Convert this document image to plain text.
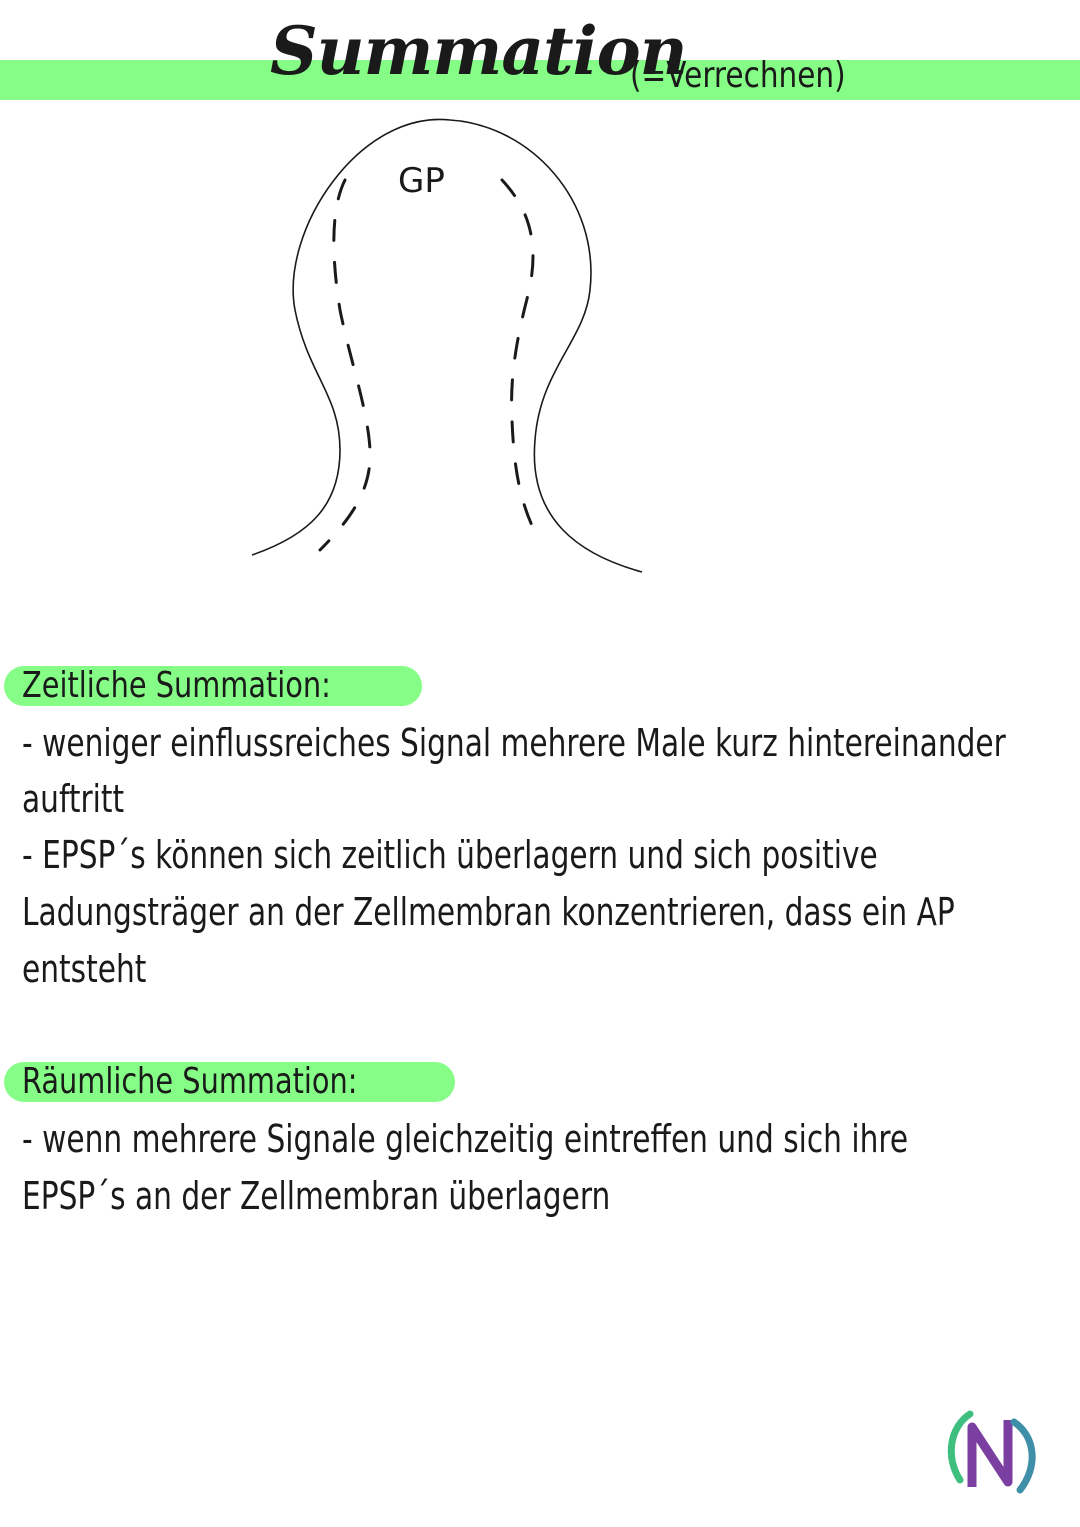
Summation
(=Verrechnen)
GP
Zeitliche Summation:
- weniger einflussreiches Signal mehrere Male kurz hintereinander
auftritt
- EPSP´s können sich zeitlich überlagern und sich positive
Ladungsträger an der Zellmembran konzentrieren, dass ein AP
entsteht
Räumliche Summation:
- wenn mehrere Signale gleichzeitig eintreffen und sich ihre
EPSP´s an der Zellmembran überlagern
